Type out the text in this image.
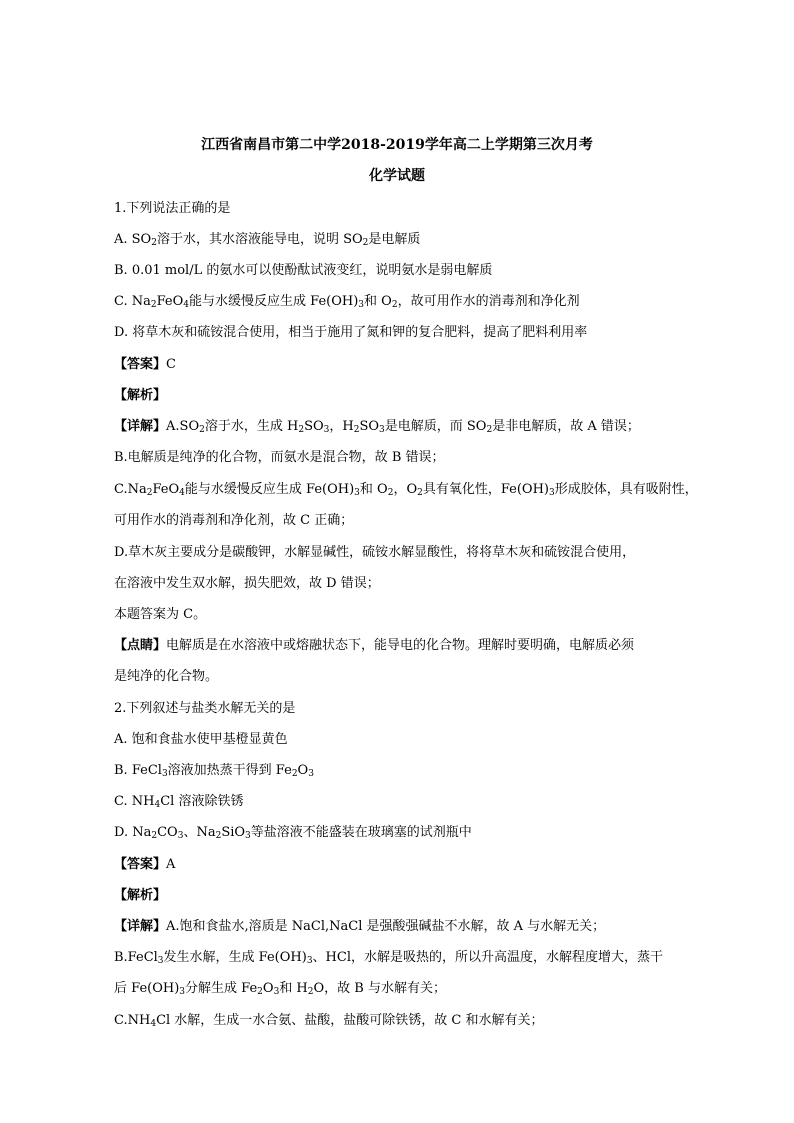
江西省南昌市第二中学2018-2019学年高二上学期第三次月考
化学试题
1.下列说法正确的是
A. $SO_2$溶于水，其水溶液能导电，说明 $SO_2$是电解质
B. 0.01 mol/L 的氨水可以使酚酞试液变红，说明氨水是弱电解质
C. $Na_2FeO_4$能与水缓慢反应生成 $Fe(OH)_3$和 $O_2$，故可用作水的消毒剂和净化剂
D. 将草木灰和硫铵混合使用，相当于施用了氮和钾的复合肥料，提高了肥料利用率
【答案】C
【解析】
【详解】$A.SO_2$溶于水，生成 $H_2SO_3$，$H_2SO_3$是电解质，而 $SO_2$是非电解质，故 A 错误；
B.电解质是纯净的化合物，而氨水是混合物，故 B 错误；
$C.Na_2FeO_4$能与水缓慢反应生成 $Fe(OH)_3$和 $O_2$，$O_2$具有氧化性，$Fe(OH)_3$形成胶体，具有吸附性，
可用作水的消毒剂和净化剂，故 C 正确；
D.草木灰主要成分是碳酸钾，水解显碱性，硫铵水解显酸性，将将草木灰和硫铵混合使用，
在溶液中发生双水解，损失肥效，故 D 错误；
本题答案为 C。
【点睛】电解质是在水溶液中或熔融状态下，能导电的化合物。理解时要明确，电解质必须
是纯净的化合物。
2.下列叙述与盐类水解无关的是
A. 饱和食盐水使甲基橙显黄色
B. FeCl$_3$溶液加热蒸干得到 $Fe_2O_3$
C. $NH_4Cl$ 溶液除铁锈
D. $Na_2CO_3$、$Na_2SiO_3$等盐溶液不能盛装在玻璃塞的试剂瓶中
【答案】A
【解析】
【详解】A.饱和食盐水,溶质是 NaCl,NaCl 是强酸强碱盐不水解，故 A 与水解无关；
B.FeCl$_3$发生水解，生成 $Fe(OH)_3$、HCl，水解是吸热的，所以升高温度，水解程度增大，蒸干
后 $Fe(OH)_3$分解生成 $Fe_2O_3$和 $H_2O$，故 B 与水解有关；
$C.NH_4Cl$ 水解，生成一水合氨、盐酸，盐酸可除铁锈，故 C 和水解有关；
